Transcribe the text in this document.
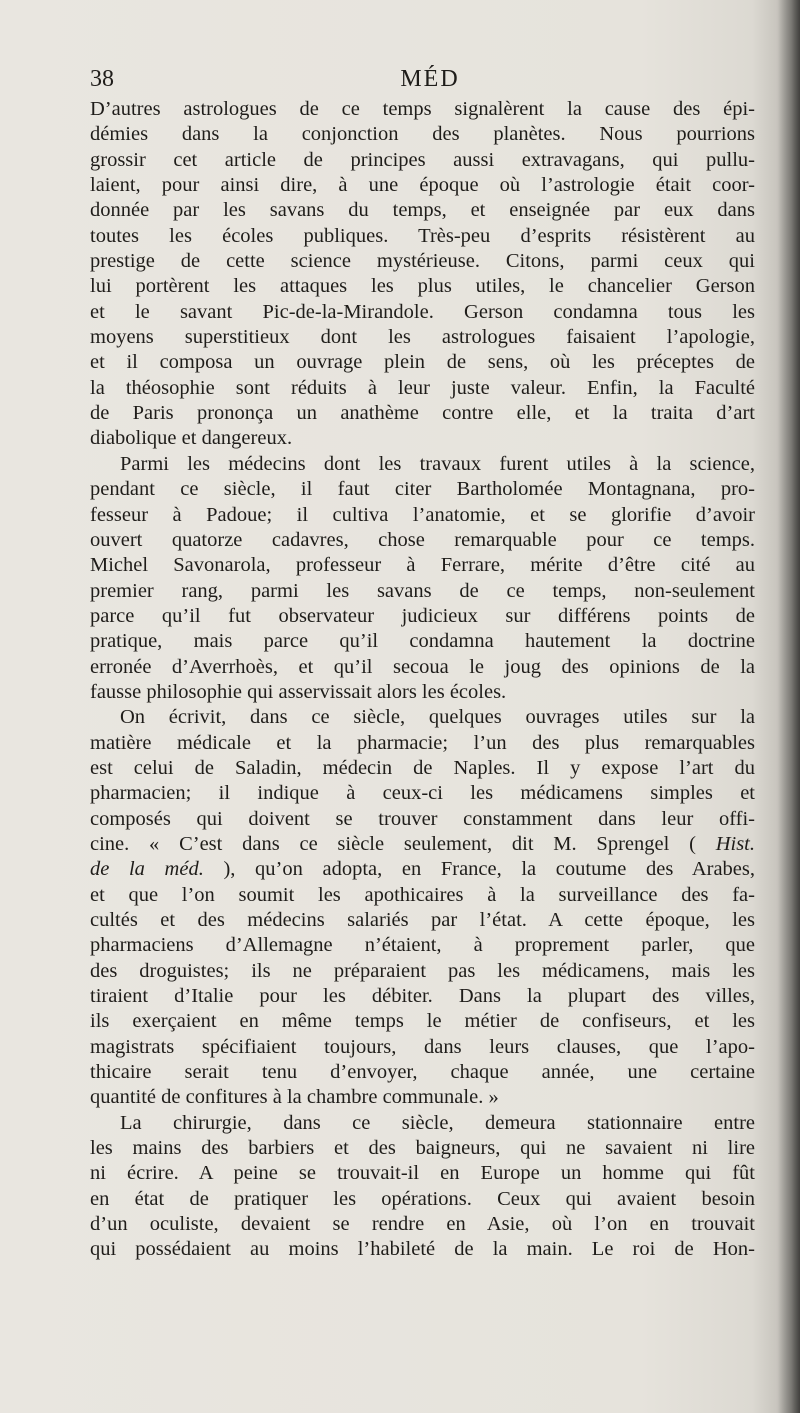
38	MÉD
D’autres astrologues de ce temps signalèrent la cause des épi-
démies dans la conjonction des planètes. Nous pourrions
grossir cet article de principes aussi extravagans, qui pullu-
laient, pour ainsi dire, à une époque où l’astrologie était coor-
donnée par les savans du temps, et enseignée par eux dans
toutes les écoles publiques. Très-peu d’esprits résistèrent au
prestige de cette science mystérieuse. Citons, parmi ceux qui
lui portèrent les attaques les plus utiles, le chancelier Gerson
et le savant Pic-de-la-Mirandole. Gerson condamna tous les
moyens superstitieux dont les astrologues faisaient l’apologie,
et il composa un ouvrage plein de sens, où les préceptes de
la théosophie sont réduits à leur juste valeur. Enfin, la Faculté
de Paris prononça un anathème contre elle, et la traita d’art
diabolique et dangereux.
Parmi les médecins dont les travaux furent utiles à la science,
pendant ce siècle, il faut citer Bartholomée Montagnana, pro-
fesseur à Padoue; il cultiva l’anatomie, et se glorifie d’avoir
ouvert quatorze cadavres, chose remarquable pour ce temps.
Michel Savonarola, professeur à Ferrare, mérite d’être cité au
premier rang, parmi les savans de ce temps, non-seulement
parce qu’il fut observateur judicieux sur différens points de
pratique, mais parce qu’il condamna hautement la doctrine
erronée d’Averrhoès, et qu’il secoua le joug des opinions de la
fausse philosophie qui asservissait alors les écoles.
On écrivit, dans ce siècle, quelques ouvrages utiles sur la
matière médicale et la pharmacie; l’un des plus remarquables
est celui de Saladin, médecin de Naples. Il y expose l’art du
pharmacien; il indique à ceux-ci les médicamens simples et
composés qui doivent se trouver constamment dans leur offi-
cine. « C’est dans ce siècle seulement, dit M. Sprengel ( Hist.
de la méd. ), qu’on adopta, en France, la coutume des Arabes,
et que l’on soumit les apothicaires à la surveillance des fa-
cultés et des médecins salariés par l’état. A cette époque, les
pharmaciens d’Allemagne n’étaient, à proprement parler, que
des droguistes; ils ne préparaient pas les médicamens, mais les
tiraient d’Italie pour les débiter. Dans la plupart des villes,
ils exerçaient en même temps le métier de confiseurs, et les
magistrats spécifiaient toujours, dans leurs clauses, que l’apo-
thicaire serait tenu d’envoyer, chaque année, une certaine
quantité de confitures à la chambre communale. »
La chirurgie, dans ce siècle, demeura stationnaire entre
les mains des barbiers et des baigneurs, qui ne savaient ni lire
ni écrire. A peine se trouvait-il en Europe un homme qui fût
en état de pratiquer les opérations. Ceux qui avaient besoin
d’un oculiste, devaient se rendre en Asie, où l’on en trouvait
qui possédaient au moins l’habileté de la main. Le roi de Hon-
